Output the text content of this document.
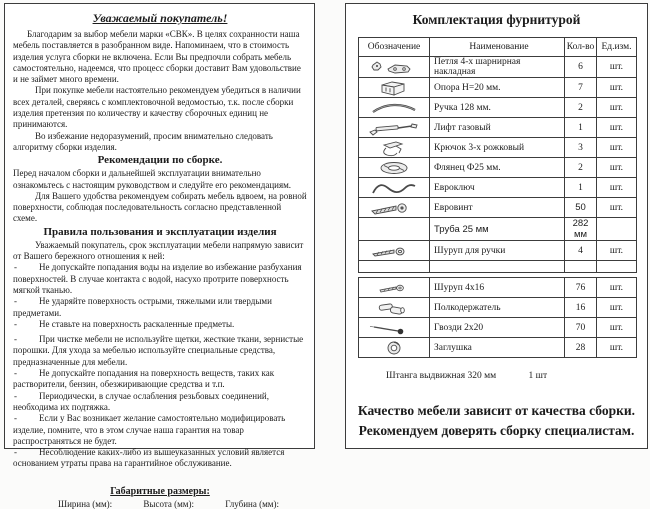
Уважаемый покупатель!

Благодарим за выбор мебели марки «СВК». В целях сохранности наша мебель поставляется в разобранном виде. Напоминаем, что в стоимость изделия услуга сборки не включена. Если Вы предпочли собрать мебель самостоятельно, надеемся, что процесс сборки доставит Вам удовольствие и не займет много времени.

При покупке мебели настоятельно рекомендуем убедиться в наличии всех деталей, сверяясь с комплектовочной ведомостью, т.к. после сборки изделия претензия по количеству и качеству сборочных единиц не принимаются.

Во избежание недоразумений, просим внимательно следовать алгоритму сборки изделия.

Рекомендации по сборке.

Перед началом сборки и дальнейшей эксплуатации внимательно ознакомьтесь с настоящим руководством и следуйте его рекомендациям.

Для Вашего удобства рекомендуем собирать мебель вдвоем, на ровной поверхности, соблюдая последовательность согласно представленной схеме.

Правила пользования и эксплуатации изделия

Уважаемый покупатель, срок эксплуатации мебели напрямую зависит от Вашего бережного отношения к ней:

- Не допускайте попадания воды на изделие во избежание разбухания поверхностей. В случае контакта с водой, насухо протрите поверхность мягкой тканью.

- Не ударяйте поверхность острыми, тяжелыми или твердыми предметами.

- Не ставьте на поверхность раскаленные предметы.

- При чистке мебели не используйте щетки, жесткие ткани, зернистые порошки. Для ухода за мебелью используйте специальные средства, предназначенные для мебели.

- Не допускайте попадания на поверхность веществ, таких как растворители, бензин, обезжиривающие средства и т.п.

- Периодически, в случае ослабления резьбовых соединений, необходима их подтяжка.

- Если у Вас возникает желание самостоятельно модифицировать изделие, помните, что в этом случае наша гарантия на товар распространяться не будет.

- Несоблюдение каких-либо из вышеуказанных условий является основанием утраты права на гарантийное обслуживание.

Габаритные размеры:
Ширина (мм):	Высота (мм):	Глубина (мм):
Комплектация фурнитурой
Обозначение	Наименование	Кол-во	Ед.изм.
	Петля 4-х шарнирная накладная	6	шт.
	Опора Н=20 мм.	7	шт.
	Ручка 128 мм.	2	шт.
	Лифт газовый	1	шт.
	Крючок 3-х рожковый	3	шт.
	Флянец Ф25 мм.	2	шт.
	Евроключ	1	шт.
	Евровинт	50	шт.
	Труба 25 мм	282 мм	
	Шуруп для ручки	4	шт.

	Шуруп 4х16	76	шт.
	Полкодержатель	16	шт.
	Гвозди 2х20	70	шт.
	Заглушка	28	шт.
Штанга выдвижная 320 мм	1 шт
Качество мебели зависит от качества сборки.
Рекомендуем доверять сборку специалистам.
